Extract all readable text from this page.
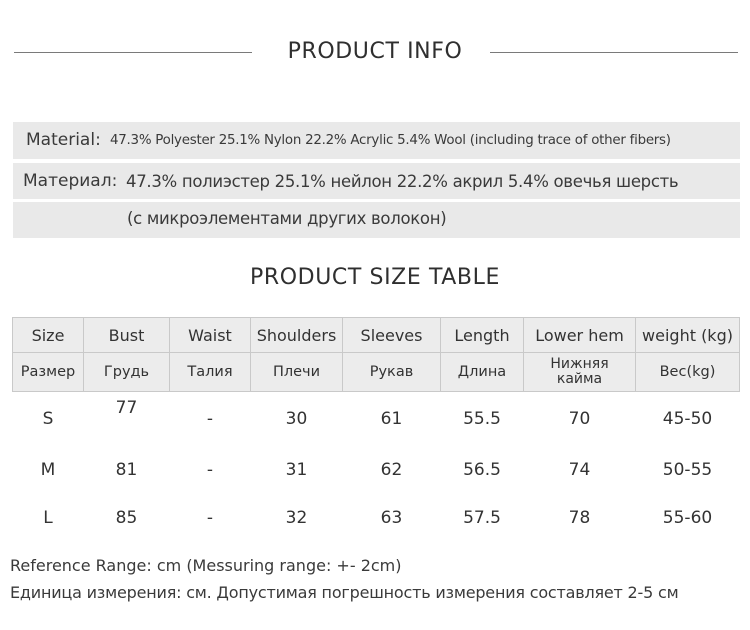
PRODUCT INFO
Material: 47.3% Polyester 25.1% Nylon 22.2% Acrylic 5.4% Wool (including trace of other fibers)
Материал: 47.3% полиэстер 25.1% нейлон 22.2% акрил 5.4% овечья шерсть
(с микроэлементами других волокон)
PRODUCT SIZE TABLE
Size	Bust	Waist	Shoulders	Sleeves	Length	Lower hem	weight (kg)
Размер	Грудь	Талия	Плечи	Рукав	Длина	Нижняя кайма	Вес(kg)
S	77	-	30	61	55.5	70	45-50
M	81	-	31	62	56.5	74	50-55
L	85	-	32	63	57.5	78	55-60
Reference Range: cm (Messuring range: +- 2cm)
Единица измерения: см. Допустимая погрешность измерения составляет 2-5 см
